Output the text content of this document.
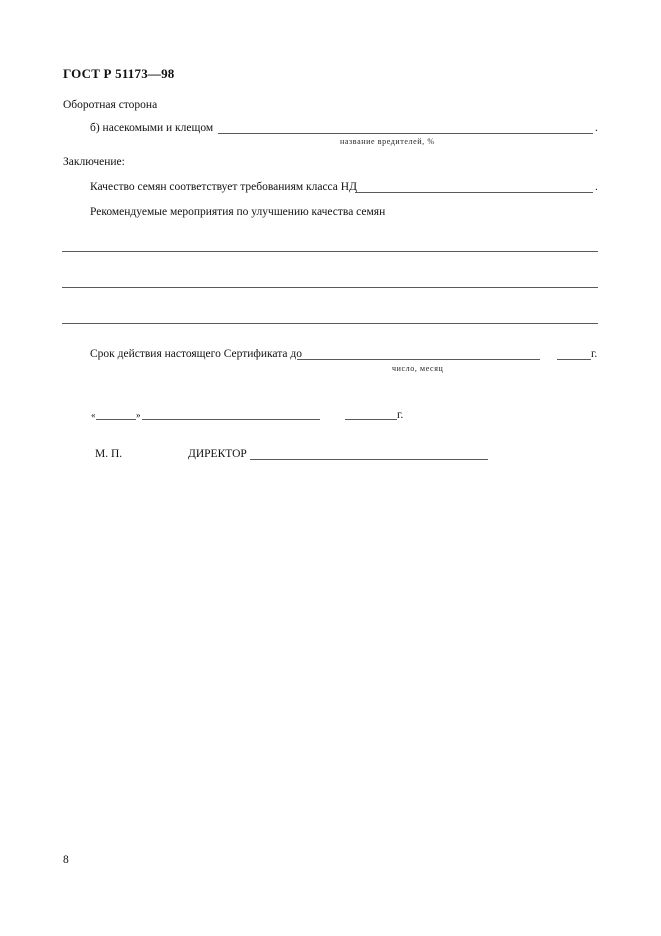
ГОСТ Р 51173—98
Оборотная сторона
б) насекомыми и клещом	.
название вредителей, %
Заключение:
Качество семян соответствует требованиям класса НД	.
Рекомендуемые мероприятия по улучшению качества семян
Срок действия настоящего Сертификата до	г.
число, месяц
«	»	г.
М. П.	ДИРЕКТОР
8
